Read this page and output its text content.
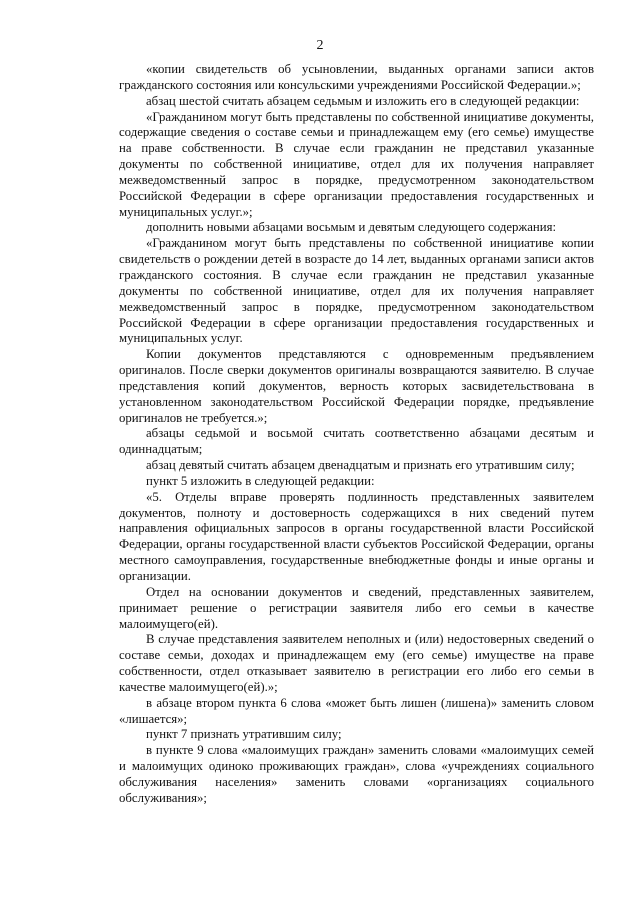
2

«копии свидетельств об усыновлении, выданных органами записи актов гражданского состояния или консульскими учреждениями Российской Федерации.»;

абзац шестой считать абзацем седьмым и изложить его в следующей редакции:

«Гражданином могут быть представлены по собственной инициативе документы, содержащие сведения о составе семьи и принадлежащем ему (его семье) имуществе на праве собственности. В случае если гражданин не представил указанные документы по собственной инициативе, отдел для их получения направляет межведомственный запрос в порядке, предусмотренном законодательством Российской Федерации в сфере организации предоставления государственных и муниципальных услуг.»;

дополнить новыми абзацами восьмым и девятым следующего содержания:

«Гражданином могут быть представлены по собственной инициативе копии свидетельств о рождении детей в возрасте до 14 лет, выданных органами записи актов гражданского состояния. В случае если гражданин не представил указанные документы по собственной инициативе, отдел для их получения направляет межведомственный запрос в порядке, предусмотренном законодательством Российской Федерации в сфере организации предоставления государственных и муниципальных услуг.

Копии документов представляются с одновременным предъявлением оригиналов. После сверки документов оригиналы возвращаются заявителю. В случае представления копий документов, верность которых засвидетельствована в установленном законодательством Российской Федерации порядке, предъявление оригиналов не требуется.»;

абзацы седьмой и восьмой считать соответственно абзацами десятым и одиннадцатым;

абзац девятый считать абзацем двенадцатым и признать его утратившим силу;

пункт 5 изложить в следующей редакции:

«5. Отделы вправе проверять подлинность представленных заявителем документов, полноту и достоверность содержащихся в них сведений путем направления официальных запросов в органы государственной власти Российской Федерации, органы государственной власти субъектов Российской Федерации, органы местного самоуправления, государственные внебюджетные фонды и иные органы и организации.

Отдел на основании документов и сведений, представленных заявителем, принимает решение о регистрации заявителя либо его семьи в качестве малоимущего(ей).

В случае представления заявителем неполных и (или) недостоверных сведений о составе семьи, доходах и принадлежащем ему (его семье) имуществе на праве собственности, отдел отказывает заявителю в регистрации его либо его семьи в качестве малоимущего(ей).»;

в абзаце втором пункта 6 слова «может быть лишен (лишена)» заменить словом «лишается»;

пункт 7 признать утратившим силу;

в пункте 9 слова «малоимущих граждан» заменить словами «малоимущих семей и малоимущих одиноко проживающих граждан», слова «учреждениях социального обслуживания населения» заменить словами «организациях социального обслуживания»;
